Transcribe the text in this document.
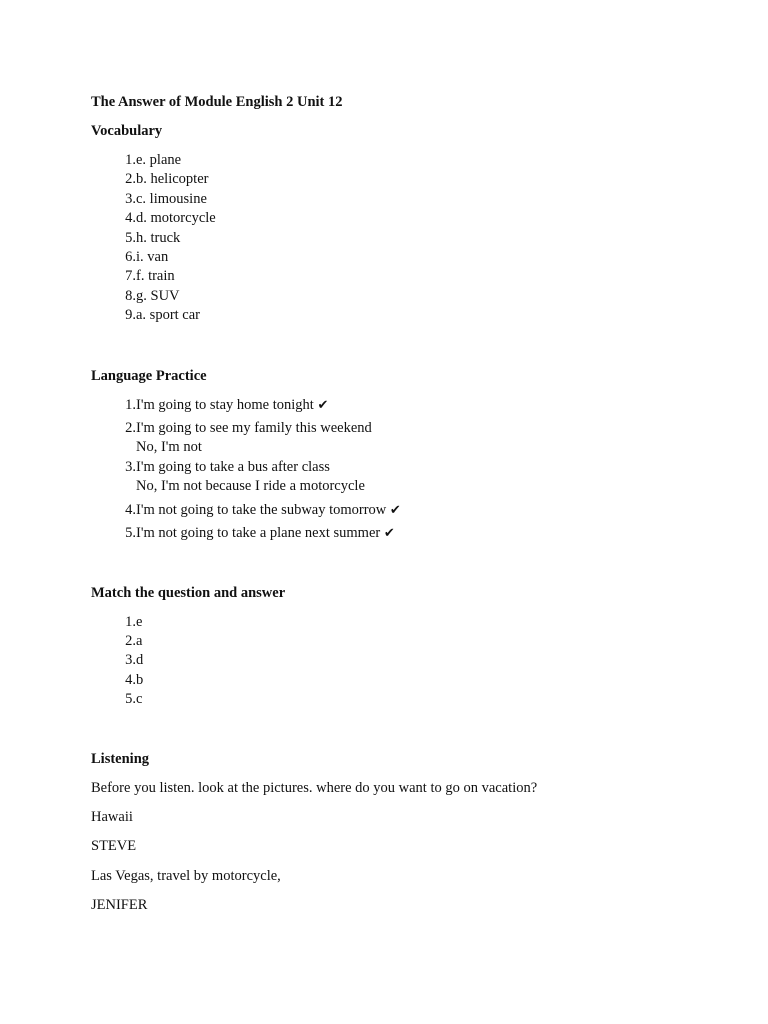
The Answer of Module English 2 Unit 12

Vocabulary

1. e. plane
2. b. helicopter
3. c. limousine
4. d. motorcycle
5. h. truck
6. i. van
7. f. train
8. g. SUV
9. a. sport car

Language Practice

1. I'm going to stay home tonight ✔
2. I'm going to see my family this weekend
No, I'm not
3. I'm going to take a bus after class
No, I'm not because I ride a motorcycle
4. I'm not going to take the subway tomorrow ✔
5. I'm not going to take a plane next summer ✔

Match the question and answer

1. e
2. a
3. d
4. b
5. c

Listening

Before you listen. look at the pictures. where do you want to go on vacation?

Hawaii

STEVE

Las Vegas, travel by motorcycle,

JENIFER
